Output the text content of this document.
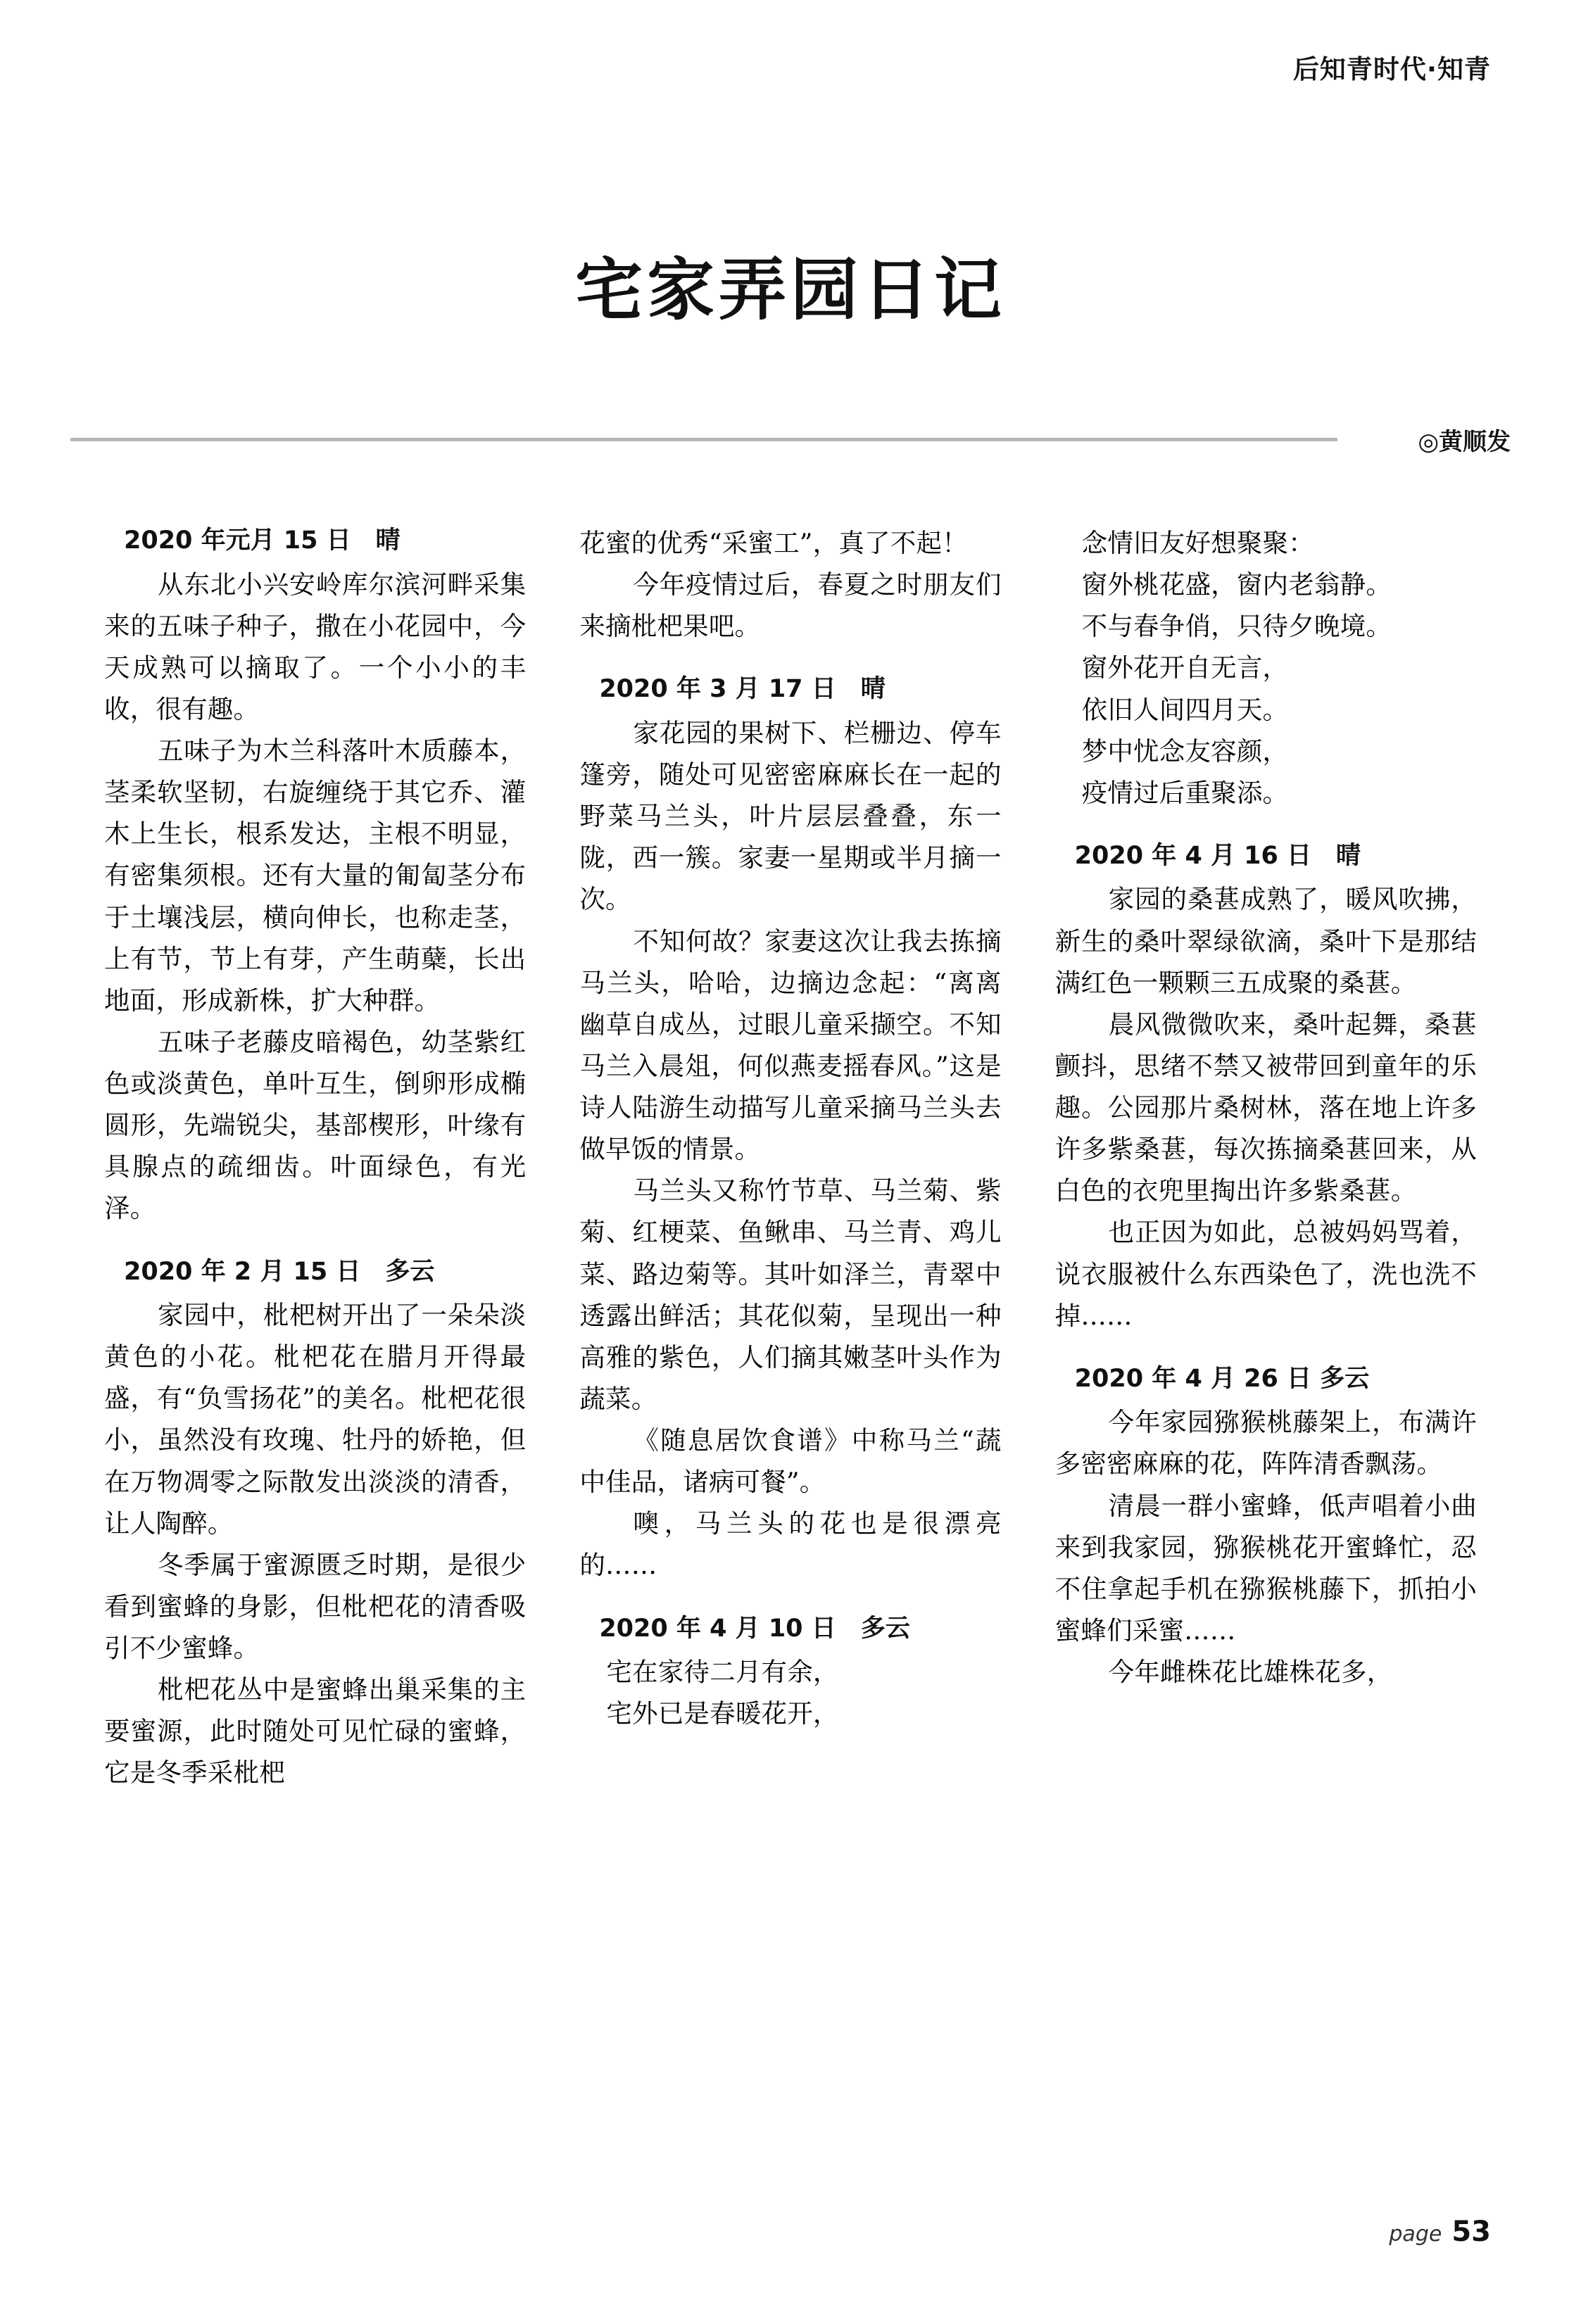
后知青时代·知青
宅家弄园日记
◎黄顺发

2020 年元月 15 日　晴

从东北小兴安岭库尔滨河畔采集来的五味子种子，撒在小花园中，今天成熟可以摘取了。一个小小的丰收，很有趣。

五味子为木兰科落叶木质藤本，茎柔软坚韧，右旋缠绕于其它乔、灌木上生长，根系发达，主根不明显，有密集须根。还有大量的匍匐茎分布于土壤浅层，横向伸长，也称走茎，上有节，节上有芽，产生萌蘖，长出地面，形成新株，扩大种群。

五味子老藤皮暗褐色，幼茎紫红色或淡黄色，单叶互生，倒卵形成椭圆形，先端锐尖，基部楔形，叶缘有具腺点的疏细齿。叶面绿色，有光泽。

2020 年 2 月 15 日　多云

家园中，枇杷树开出了一朵朵淡黄色的小花。枇杷花在腊月开得最盛，有“负雪扬花”的美名。枇杷花很小，虽然没有玫瑰、牡丹的娇艳，但在万物凋零之际散发出淡淡的清香，让人陶醉。

冬季属于蜜源匮乏时期，是很少看到蜜蜂的身影，但枇杷花的清香吸引不少蜜蜂。

枇杷花丛中是蜜蜂出巢采集的主要蜜源，此时随处可见忙碌的蜜蜂，它是冬季采枇杷

花蜜的优秀“采蜜工”，真了不起！

今年疫情过后，春夏之时朋友们来摘枇杷果吧。

2020 年 3 月 17 日　晴

家花园的果树下、栏栅边、停车篷旁，随处可见密密麻麻长在一起的野菜马兰头，叶片层层叠叠，东一陇，西一簇。家妻一星期或半月摘一次。

不知何故？家妻这次让我去拣摘马兰头，哈哈，边摘边念起：“离离幽草自成丛，过眼儿童采撷空。不知马兰入晨俎，何似燕麦摇春风。”这是诗人陆游生动描写儿童采摘马兰头去做早饭的情景。

马兰头又称竹节草、马兰菊、紫菊、红梗菜、鱼鳅串、马兰青、鸡儿菜、路边菊等。其叶如泽兰，青翠中透露出鲜活；其花似菊，呈现出一种高雅的紫色，人们摘其嫩茎叶头作为蔬菜。

《随息居饮食谱》中称马兰“蔬中佳品，诸病可餐”。

噢，马兰头的花也是很漂亮的……

2020 年 4 月 10 日　多云

宅在家待二月有余，

宅外已是春暖花开，

念情旧友好想聚聚：

窗外桃花盛，窗内老翁静。

不与春争俏，只待夕晚境。

窗外花开自无言，

依旧人间四月天。

梦中忧念友容颜，

疫情过后重聚添。

2020 年 4 月 16 日　晴

家园的桑葚成熟了，暖风吹拂，新生的桑叶翠绿欲滴，桑叶下是那结满红色一颗颗三五成聚的桑葚。

晨风微微吹来，桑叶起舞，桑葚颤抖，思绪不禁又被带回到童年的乐趣。公园那片桑树林，落在地上许多许多紫桑葚，每次拣摘桑葚回来，从白色的衣兜里掏出许多紫桑葚。

也正因为如此，总被妈妈骂着，说衣服被什么东西染色了，洗也洗不掉……

2020 年 4 月 26 日 多云

今年家园猕猴桃藤架上，布满许多密密麻麻的花，阵阵清香飘荡。

清晨一群小蜜蜂，低声唱着小曲来到我家园，猕猴桃花开蜜蜂忙，忍不住拿起手机在猕猴桃藤下，抓拍小蜜蜂们采蜜……

今年雌株花比雄株花多，

page 53
